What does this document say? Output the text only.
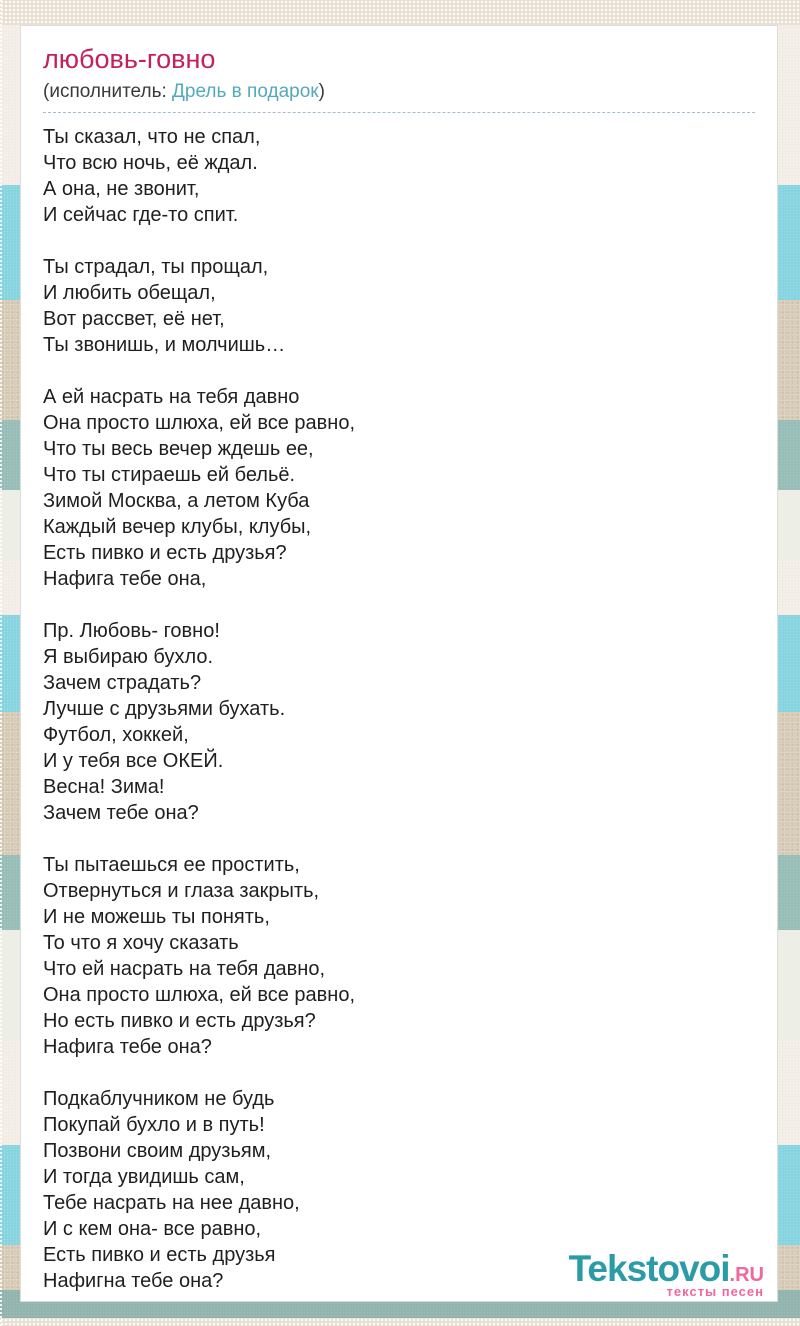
любовь-говно
(исполнитель: Дрель в подарок)

Ты сказал, что не спал,
Что всю ночь, её ждал.
А она, не звонит,
И сейчас где-то спит.

Ты страдал, ты прощал,
И любить обещал,
Вот рассвет, её нет,
Ты звонишь, и молчишь…

А ей насрать на тебя давно
Она просто шлюха, ей все равно,
Что ты весь вечер ждешь ее,
Что ты стираешь ей бельё.
Зимой Москва, а летом Куба
Каждый вечер клубы, клубы,
Есть пивко и есть друзья?
Нафига тебе она,

Пр. Любовь- говно!
Я выбираю бухло.
Зачем страдать?
Лучше с друзьями бухать.
Футбол, хоккей,
И у тебя все ОКЕЙ.
Весна! Зима!
Зачем тебе она?

Ты пытаешься ее простить,
Отвернуться и глаза закрыть,
И не можешь ты понять,
То что я хочу сказать
Что ей насрать на тебя давно,
Она просто шлюха, ей все равно,
Но есть пивко и есть друзья?
Нафига тебе она?

Подкаблучником не будь
Покупай бухло и в путь!
Позвони своим друзьям,
И тогда увидишь сам,
Тебе насрать на нее давно,
И с кем она- все равно,
Есть пивко и есть друзья
Нафигна тебе она?	Tekstovoi.RU
тексты песен
